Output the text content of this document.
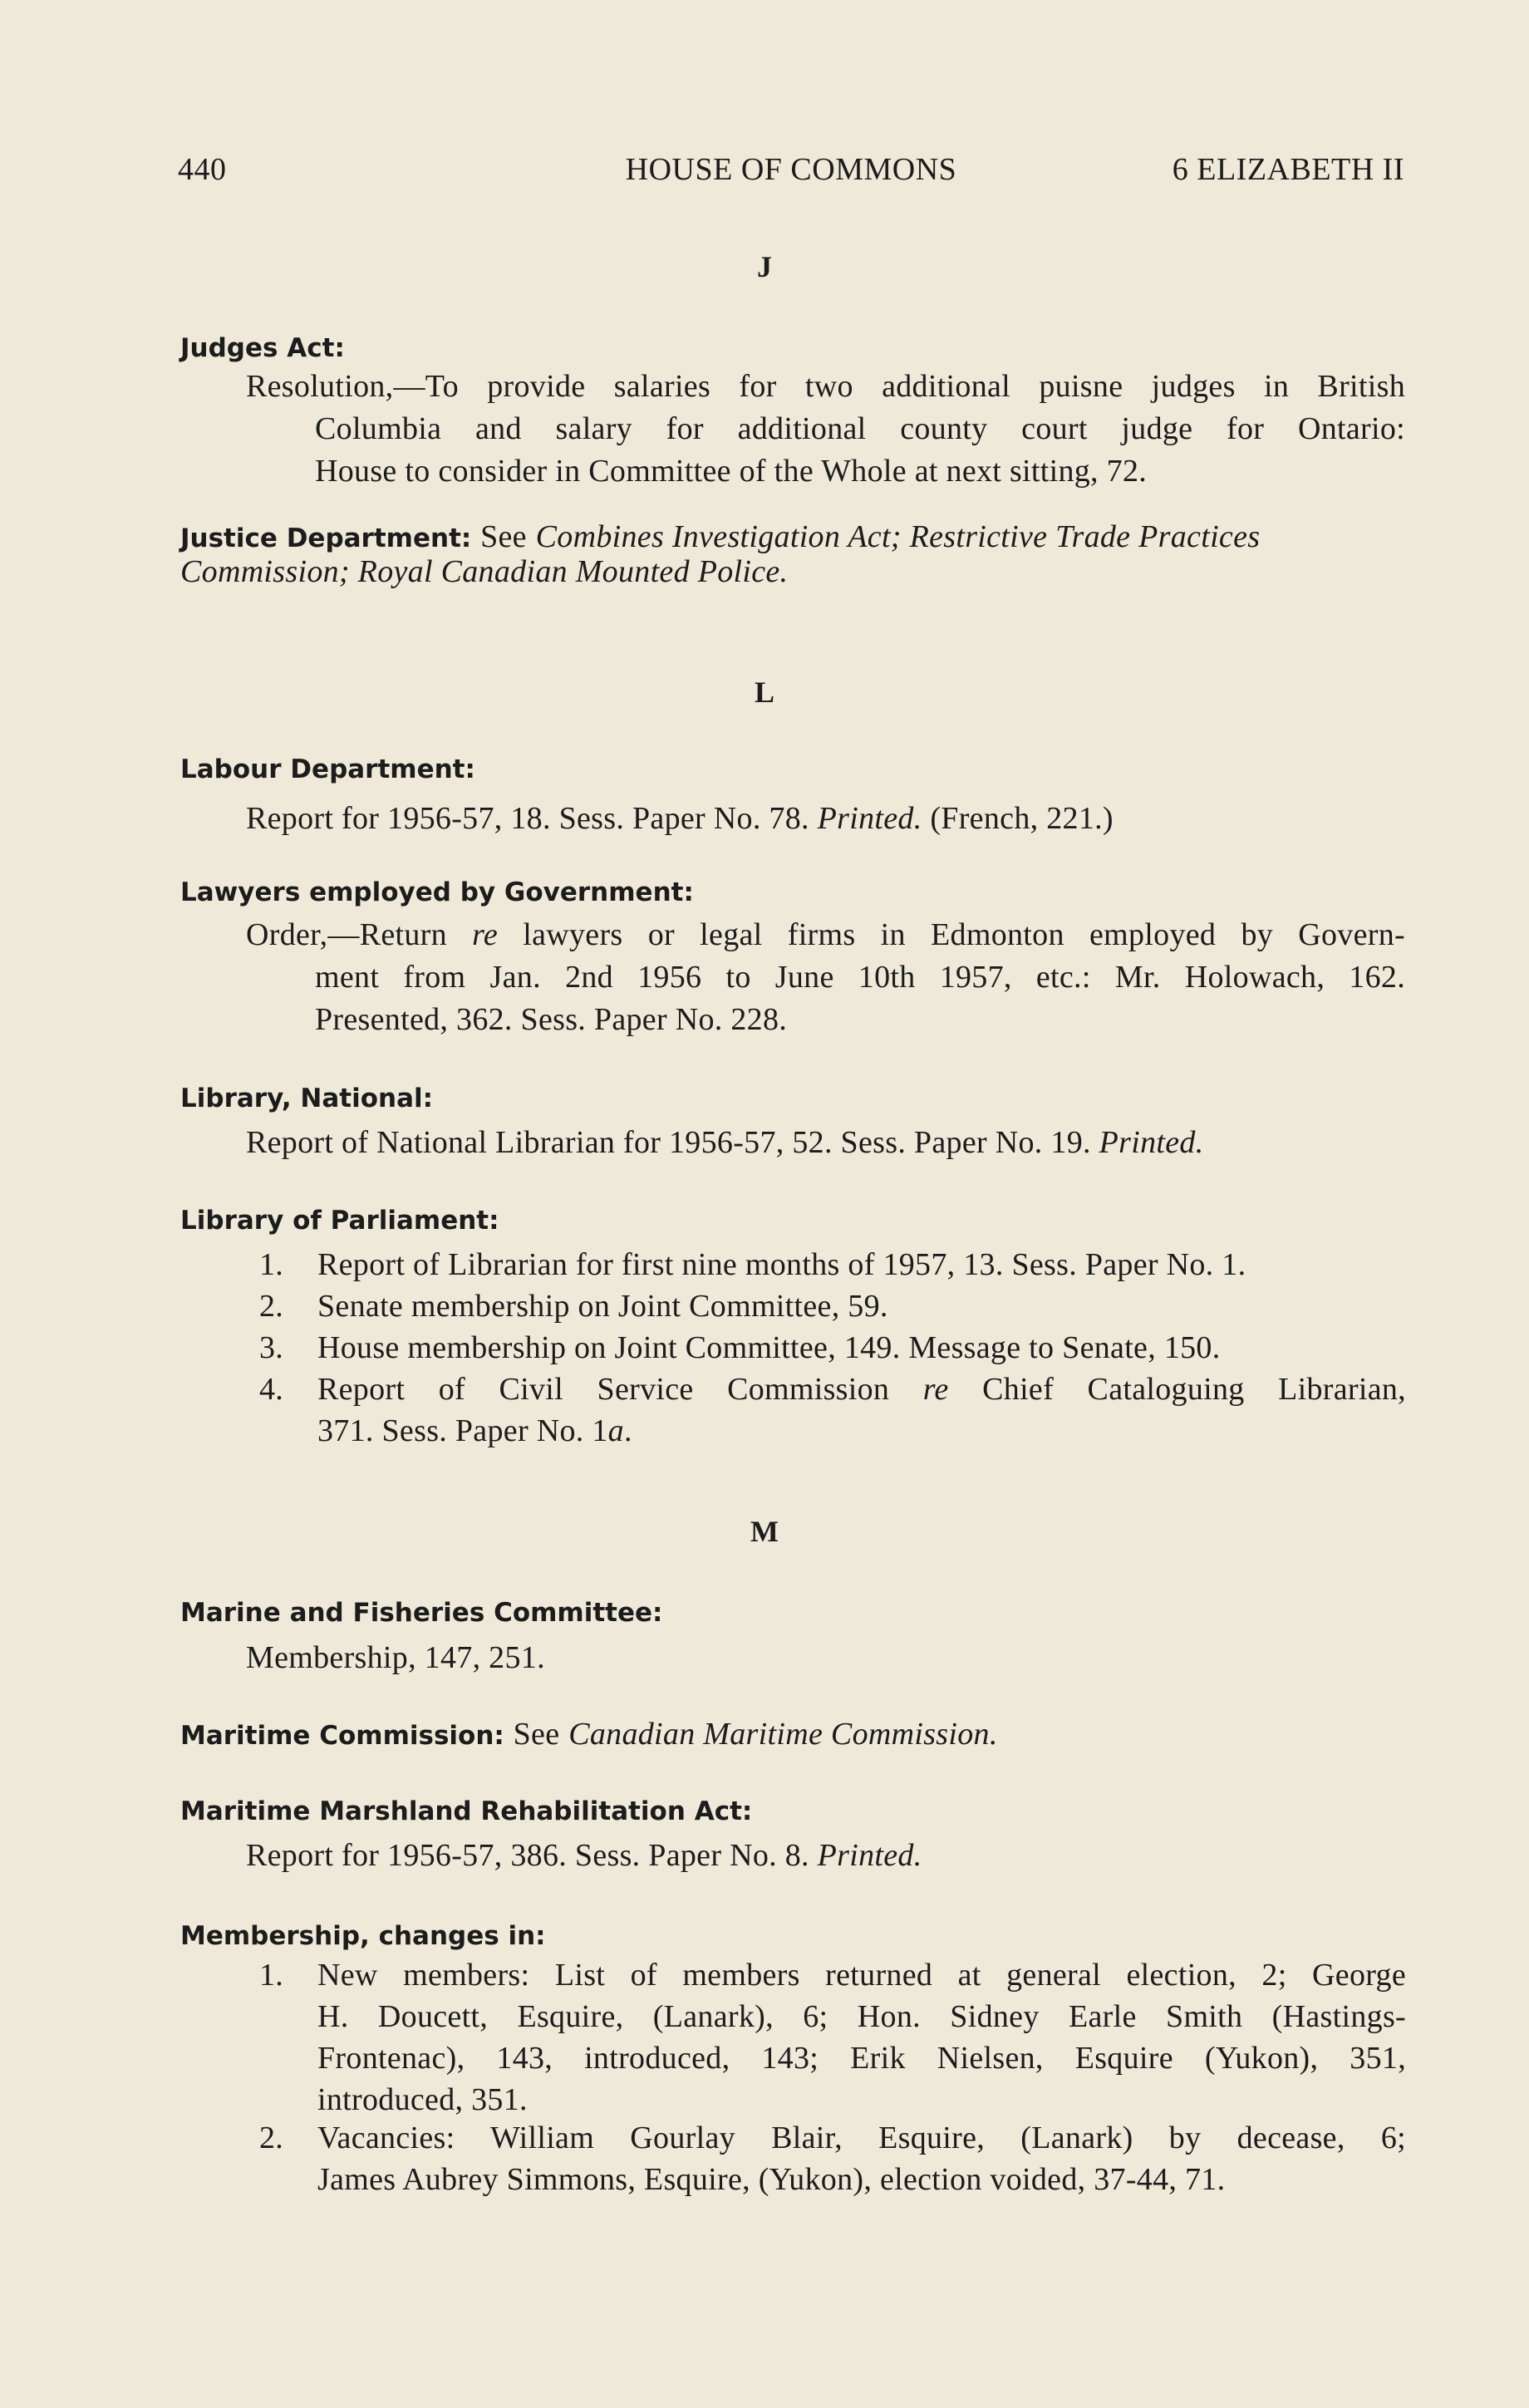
440	HOUSE OF COMMONS	6 ELIZABETH II
J
Judges Act:
Resolution,—To provide salaries for two additional puisne judges in British
Columbia and salary for additional county court judge for Ontario:
House to consider in Committee of the Whole at next sitting, 72.
Justice Department: See Combines Investigation Act; Restrictive Trade Practices
Commission; Royal Canadian Mounted Police.
L
Labour Department:
Report for 1956-57, 18. Sess. Paper No. 78. Printed. (French, 221.)
Lawyers employed by Government:
Order,—Return re lawyers or legal firms in Edmonton employed by Govern-
ment from Jan. 2nd 1956 to June 10th 1957, etc.: Mr. Holowach, 162.
Presented, 362. Sess. Paper No. 228.
Library, National:
Report of National Librarian for 1956-57, 52. Sess. Paper No. 19. Printed.
Library of Parliament:
1.	Report of Librarian for first nine months of 1957, 13. Sess. Paper No. 1.
2.	Senate membership on Joint Committee, 59.
3.	House membership on Joint Committee, 149. Message to Senate, 150.
4.	Report of Civil Service Commission re Chief Cataloguing Librarian,
371. Sess. Paper No. 1a.
M
Marine and Fisheries Committee:
Membership, 147, 251.
Maritime Commission: See Canadian Maritime Commission.
Maritime Marshland Rehabilitation Act:
Report for 1956-57, 386. Sess. Paper No. 8. Printed.
Membership, changes in:
1.	New members: List of members returned at general election, 2; George
H. Doucett, Esquire, (Lanark), 6; Hon. Sidney Earle Smith (Hastings-
Frontenac), 143, introduced, 143; Erik Nielsen, Esquire (Yukon), 351,
introduced, 351.
2.	Vacancies: William Gourlay Blair, Esquire, (Lanark) by decease, 6;
James Aubrey Simmons, Esquire, (Yukon), election voided, 37-44, 71.
